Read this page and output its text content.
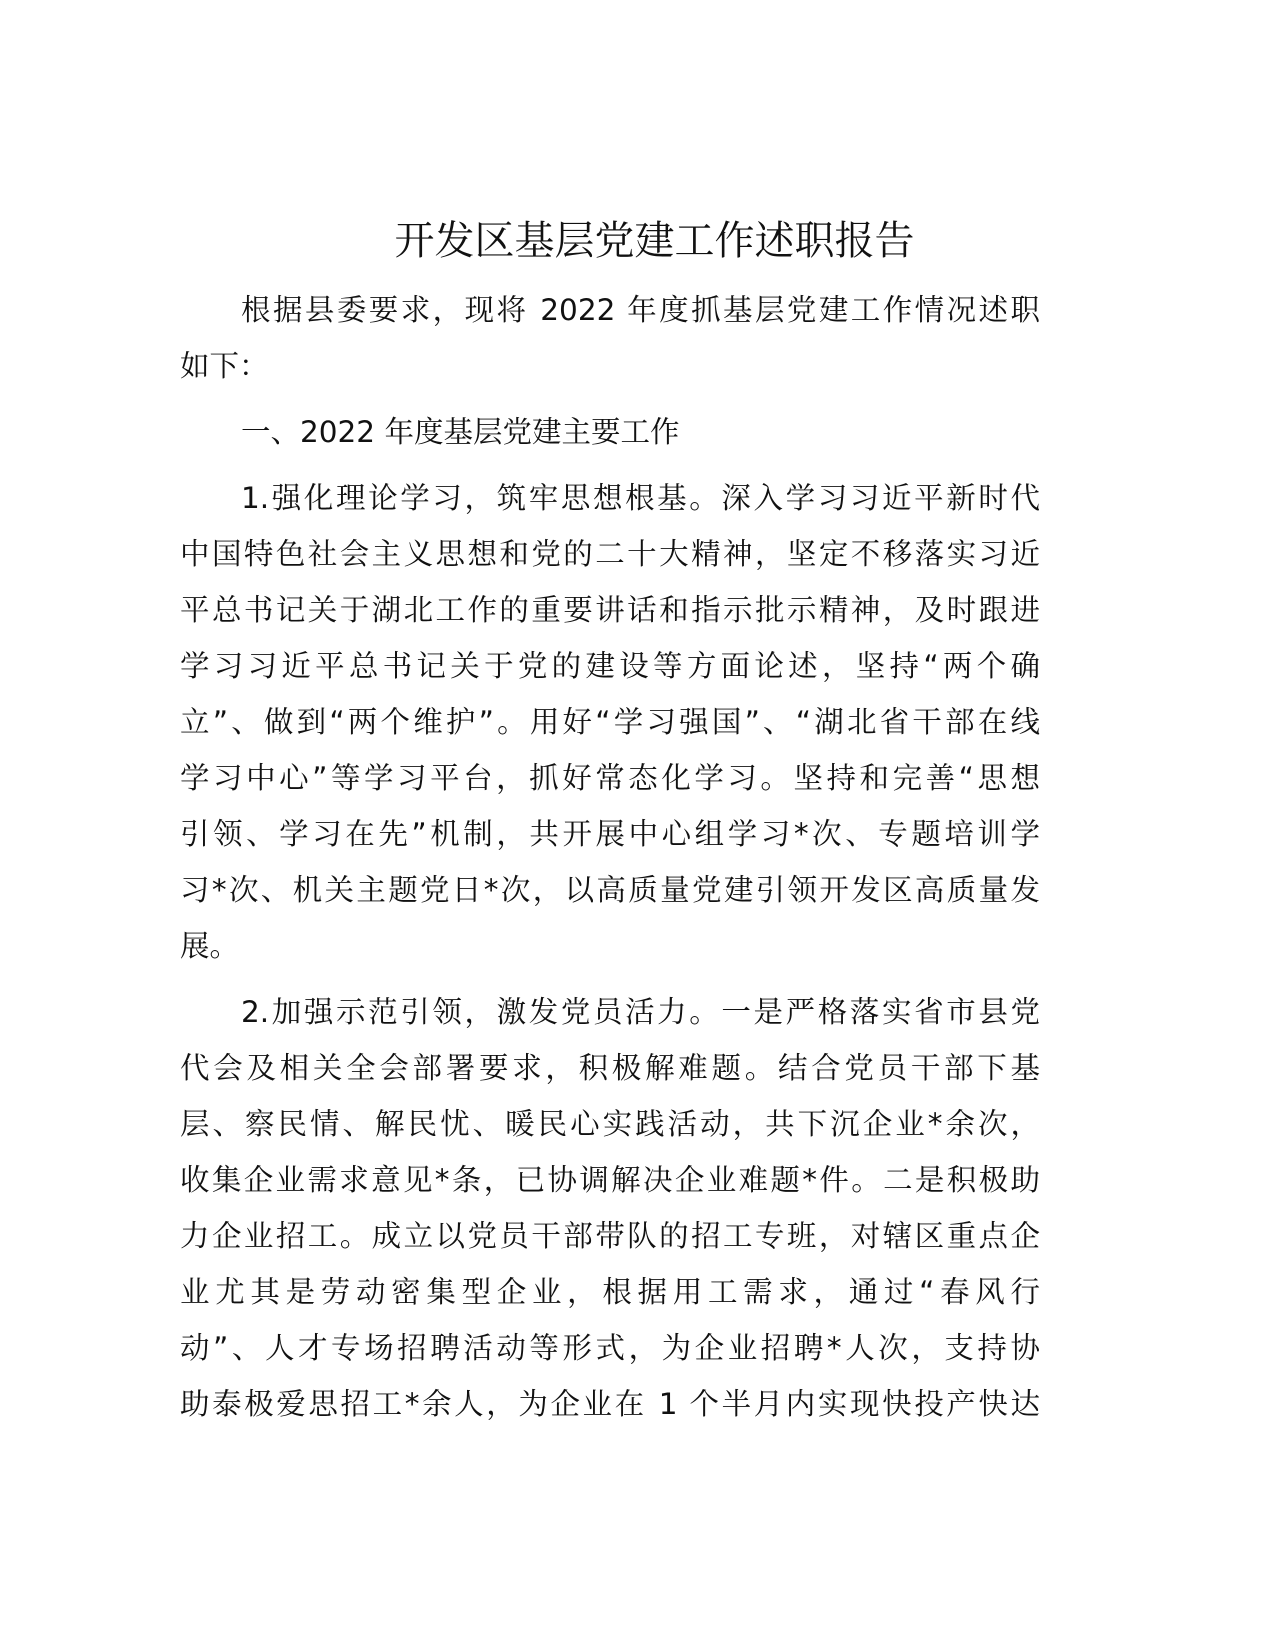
开发区基层党建工作述职报告
根据县委要求，现将 2022 年度抓基层党建工作情况述职
如下：
一、2022 年度基层党建主要工作
1.强化理论学习，筑牢思想根基。深入学习习近平新时代
中国特色社会主义思想和党的二十大精神，坚定不移落实习近
平总书记关于湖北工作的重要讲话和指示批示精神，及时跟进
学习习近平总书记关于党的建设等方面论述，坚持“两个确
立”、做到“两个维护”。用好“学习强国”、“湖北省干部在线
学习中心”等学习平台，抓好常态化学习。坚持和完善“思想
引领、学习在先”机制，共开展中心组学习*次、专题培训学
习*次、机关主题党日*次，以高质量党建引领开发区高质量发
展。
2.加强示范引领，激发党员活力。一是严格落实省市县党
代会及相关全会部署要求，积极解难题。结合党员干部下基
层、察民情、解民忧、暖民心实践活动，共下沉企业*余次，
收集企业需求意见*条，已协调解决企业难题*件。二是积极助
力企业招工。成立以党员干部带队的招工专班，对辖区重点企
业尤其是劳动密集型企业，根据用工需求，通过“春风行
动”、人才专场招聘活动等形式，为企业招聘*人次，支持协
助泰极爱思招工*余人，为企业在 1 个半月内实现快投产快达
